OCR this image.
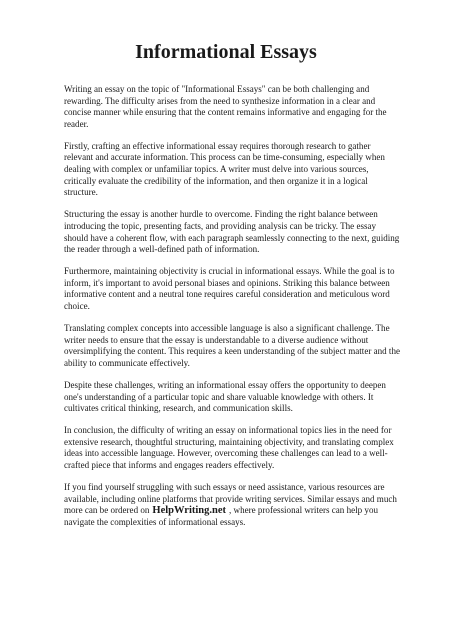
Informational Essays

Writing an essay on the topic of "Informational Essays" can be both challenging and rewarding. The difficulty arises from the need to synthesize information in a clear and concise manner while ensuring that the content remains informative and engaging for the reader.

Firstly, crafting an effective informational essay requires thorough research to gather relevant and accurate information. This process can be time-consuming, especially when dealing with complex or unfamiliar topics. A writer must delve into various sources, critically evaluate the credibility of the information, and then organize it in a logical structure.

Structuring the essay is another hurdle to overcome. Finding the right balance between introducing the topic, presenting facts, and providing analysis can be tricky. The essay should have a coherent flow, with each paragraph seamlessly connecting to the next, guiding the reader through a well-defined path of information.

Furthermore, maintaining objectivity is crucial in informational essays. While the goal is to inform, it's important to avoid personal biases and opinions. Striking this balance between informative content and a neutral tone requires careful consideration and meticulous word choice.

Translating complex concepts into accessible language is also a significant challenge. The writer needs to ensure that the essay is understandable to a diverse audience without oversimplifying the content. This requires a keen understanding of the subject matter and the ability to communicate effectively.

Despite these challenges, writing an informational essay offers the opportunity to deepen one's understanding of a particular topic and share valuable knowledge with others. It cultivates critical thinking, research, and communication skills.

In conclusion, the difficulty of writing an essay on informational topics lies in the need for extensive research, thoughtful structuring, maintaining objectivity, and translating complex ideas into accessible language. However, overcoming these challenges can lead to a well-crafted piece that informs and engages readers effectively.

If you find yourself struggling with such essays or need assistance, various resources are available, including online platforms that provide writing services. Similar essays and much more can be ordered on HelpWriting.net , where professional writers can help you navigate the complexities of informational essays.
